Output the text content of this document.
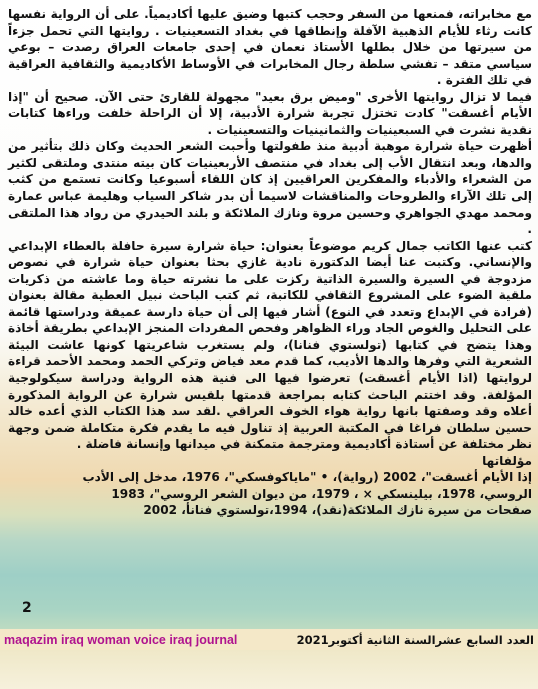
مع مخابراته، فمنعها من السفر وحجب كتبها وضيق عليها أكاديمياً. على أن الرواية نفسها كانت رثاء للأيام الذهبية الآفلة وإنطاقها في بغداد التسعينيات . روايتها التي تحمل جزءاً من سيرتها من خلال بطلها الأستاذ نعمان في إحدى جامعات العراق رصدت – بوعي سياسي متقد – تفشي سلطة رجال المخابرات في الأوساط الأكاديمية والثقافية العراقية في تلك الفترة .

فيما لا تزال روايتها الأخرى "وميض برق بعيد" مجهولة للقارئ حتى الآن. صحيح أن "إذا الأيام أغسقت" كادت تختزل تجربة شرارة الأدبية، إلا أن الراحلة خلفت وراءها كتابات نقدية نشرت في السبعينيات والثمانينيات والتسعينيات .

أظهرت حياة شرارة موهبة أدبية منذ طفولتها وأحبت الشعر الحديث وكان ذلك بتأثير من والدها، وبعد انتقال الأب إلى بغداد في منتصف الأربعينيات كان بيته منتدى وملتقى لكثير من الشعراء والأدباء والمفكرين العراقيين إذ كان اللقاء أسبوعيا وكانت تستمع من كثب إلى تلك الآراء والطروحات والمناقشات لاسيما أن بدر شاكر السياب وهليمة عباس عمارة ومحمد مهدي الجواهري وحسين مروة ونازك الملائكة و بلند الحيدري من رواد هذا الملتقى .

كتب عنها الكاتب جمال كريم موضوعاً بعنوان: حياة شرارة سيرة حافلة بالعطاء الإبداعي والإنساني. وكتبت عنا أيضا الدكتورة نادية غازي بحثا بعنوان حياة شرارة في نصوص مزدوجة في السيرة والسيرة الذاتية ركزت على ما نشرته حياة وما عاشته من ذكريات ملقية الضوء على المشروع الثقافي للكاتبة، ثم كتب الباحث نبيل العطية مقالة بعنوان (فرادة في الإبداع وتعدد في النوع) أشار فيها إلى أن حياة دارسة عميقة ودراستها قائمة على التحليل والغوص الجاد وراء الظواهر وفحص المفردات المنجز الإبداعي بطريقة أخاذة وهذا يتضح في كتابها (تولستوي فنانا)، ولم يستغرب شاعريتها كونها عاشت البيئة الشعرية التي وفرها والدها الأديب، كما قدم معد فياض وتركي الحمد ومحمد الأحمد قراءة لروايتها (اذا الأيام أغسقت) تعرضوا فيها الى فنية هذه الرواية ودراسة سيكولوجية المؤلفة. وقد اختتم الباحث كتابه بمراجعة قدمتها بلقيس شرارة عن الرواية المذكورة أعلاه وقد وصفتها بانها رواية هواء الخوف العراقي .لقد سد هذا الكتاب الذي أعده خالد حسين سلطان فراغا في المكتبة العربية إذ تناول فيه ما يقدم فكرة متكاملة ضمن وجهة نظر مختلفة عن أستاذة أكاديمية ومترجمة متمكنة في ميدانها وإنسانة فاضلة .

مؤلفاتها

إذا الأيام أغسقت"، 2002 (رواية)، • "ماياكوفسكي"، 1976، مدخل إلى الأدب

الروسي، 1978، بيلينسكي × ، 1979، من ديوان الشعر الروسي"، 1983

صفحات من سيرة نازك الملائكة(نقد)، 1994،تولستوي فنانأ، 2002

2
maqazim iraq woman voice iraq journal	العدد السابع عشرالسنة الثانية أكتوبر2021
